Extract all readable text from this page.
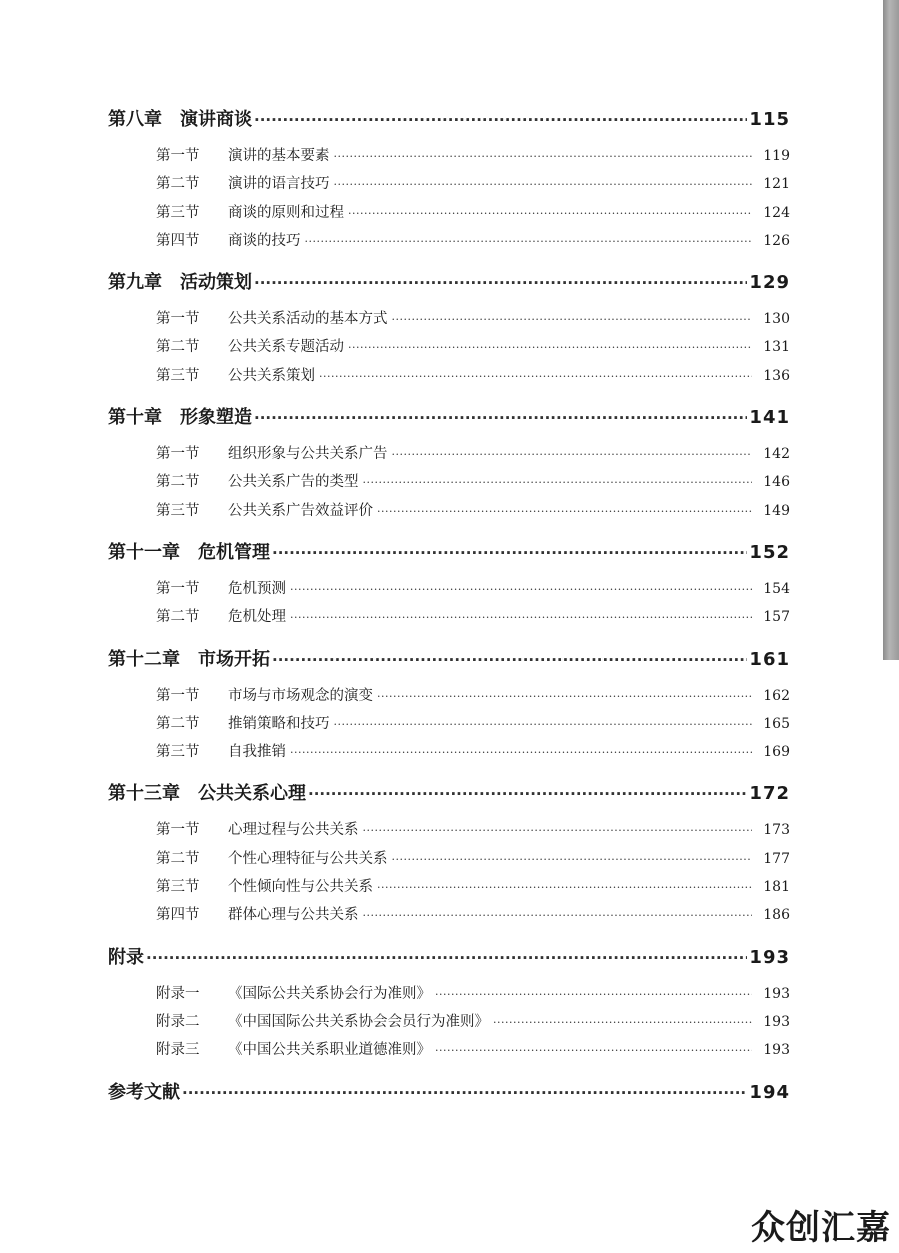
第八章 演讲商谈 ·····	115
第一节	演讲的基本要素 ·····	119
第二节	演讲的语言技巧 ·····	121
第三节	商谈的原则和过程 ·····	124
第四节	商谈的技巧 ·····	126
第九章 活动策划 ·····	129
第一节	公共关系活动的基本方式 ·····	130
第二节	公共关系专题活动 ·····	131
第三节	公共关系策划 ·····	136
第十章 形象塑造 ·····	141
第一节	组织形象与公共关系广告 ·····	142
第二节	公共关系广告的类型 ·····	146
第三节	公共关系广告效益评价 ·····	149
第十一章 危机管理 ·····	152
第一节	危机预测 ·····	154
第二节	危机处理 ·····	157
第十二章 市场开拓 ·····	161
第一节	市场与市场观念的演变 ·····	162
第二节	推销策略和技巧 ·····	165
第三节	自我推销 ·····	169
第十三章 公共关系心理 ·····	172
第一节	心理过程与公共关系 ·····	173
第二节	个性心理特征与公共关系 ·····	177
第三节	个性倾向性与公共关系 ·····	181
第四节	群体心理与公共关系 ·····	186
附录 ·····	193
附录一	《国际公共关系协会行为准则》 ·····	193
附录二	《中国国际公共关系协会会员行为准则》 ·····	193
附录三	《中国公共关系职业道德准则》 ·····	193
参考文献 ·····	194
众创汇嘉
